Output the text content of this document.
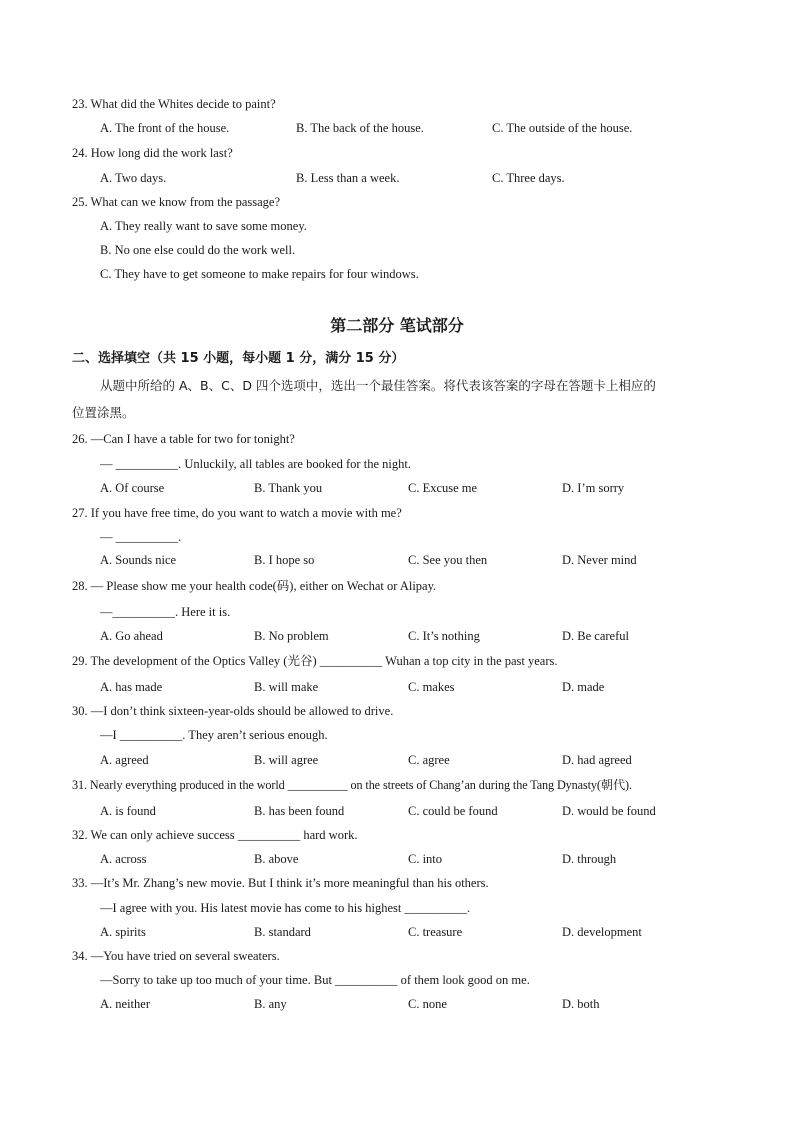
23. What did the Whites decide to paint?
A. The front of the house.	B. The back of the house.	C. The outside of the house.
24. How long did the work last?
A. Two days.	B. Less than a week.	C. Three days.
25. What can we know from the passage?
A. They really want to save some money.
B. No one else could do the work well.
C. They have to get someone to make repairs for four windows.
第二部分 笔试部分
二、选择填空（共 15 小题，每小题 1 分，满分 15 分）
从题中所给的 A、B、C、D 四个选项中，选出一个最佳答案。将代表该答案的字母在答题卡上相应的
位置涂黑。
26. —Can I have a table for two for tonight?
— __________. Unluckily, all tables are booked for the night.
A. Of course	B. Thank you	C. Excuse me	D. I’m sorry
27. If you have free time, do you want to watch a movie with me?
— __________.
A. Sounds nice	B. I hope so	C. See you then	D. Never mind
28. — Please show me your health code(码), either on Wechat or Alipay.
—__________. Here it is.
A. Go ahead	B. No problem	C. It’s nothing	D. Be careful
29. The development of the Optics Valley (光谷) __________ Wuhan a top city in the past years.
A. has made	B. will make	C. makes	D. made
30. —I don’t think sixteen-year-olds should be allowed to drive.
—I __________. They aren’t serious enough.
A. agreed	B. will agree	C. agree	D. had agreed
31. Nearly everything produced in the world __________ on the streets of Chang’an during the Tang Dynasty(朝代).
A. is found	B. has been found	C. could be found	D. would be found
32. We can only achieve success __________ hard work.
A. across	B. above	C. into	D. through
33. —It’s Mr. Zhang’s new movie. But I think it’s more meaningful than his others.
—I agree with you. His latest movie has come to his highest __________.
A. spirits	B. standard	C. treasure	D. development
34. —You have tried on several sweaters.
—Sorry to take up too much of your time. But __________ of them look good on me.
A. neither	B. any	C. none	D. both
